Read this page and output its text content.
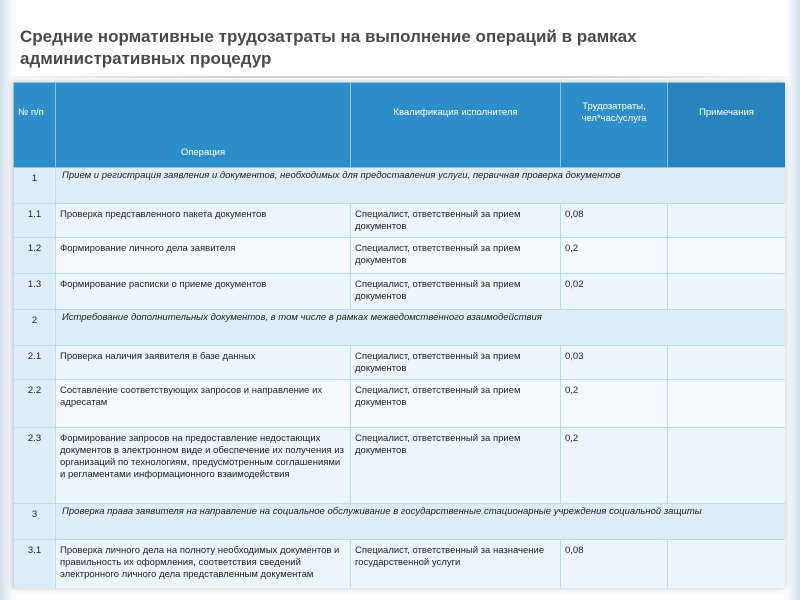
Средние нормативные трудозатраты на выполнение операций в рамках административных процедур
№ п/п	Операция	Квалификация исполнителя	Трудозатраты, чел*час/услуга	Примечания
1	Прием и регистрация заявления и документов, необходимых для предоставления услуги, первичная проверка документов			
1.1	Проверка представленного пакета документов	Специалист, ответственный за прием документов	0,08	
1.2	Формирование личного дела заявителя	Специалист, ответственный за прием документов	0,2	
1.3	Формирование расписки о приеме документов	Специалист, ответственный за прием документов	0,02	
2	Истребование дополнительных документов, в том числе в рамках межведомственного взаимодействия			
2.1	Проверка наличия заявителя в базе данных	Специалист, ответственный за прием документов	0,03	
2.2	Составление соответствующих запросов и направление их адресатам	Специалист, ответственный за прием документов	0,2	
2.3	Формирование запросов на предоставление недостающих документов в электронном виде и обеспечение их получения из организаций по технологиям, предусмотренным соглашениями и регламентами информационного взаимодействия	Специалист, ответственный за прием документов	0,2	
3	Проверка права заявителя на направление на социальное обслуживание в государственные стационарные учреждения социальной защиты			
3.1	Проверка личного дела на полноту необходимых документов и правильность их оформления, соответствия сведений электронного личного дела представленным документам	Специалист, ответственный за назначение государственной услуги	0,08	
